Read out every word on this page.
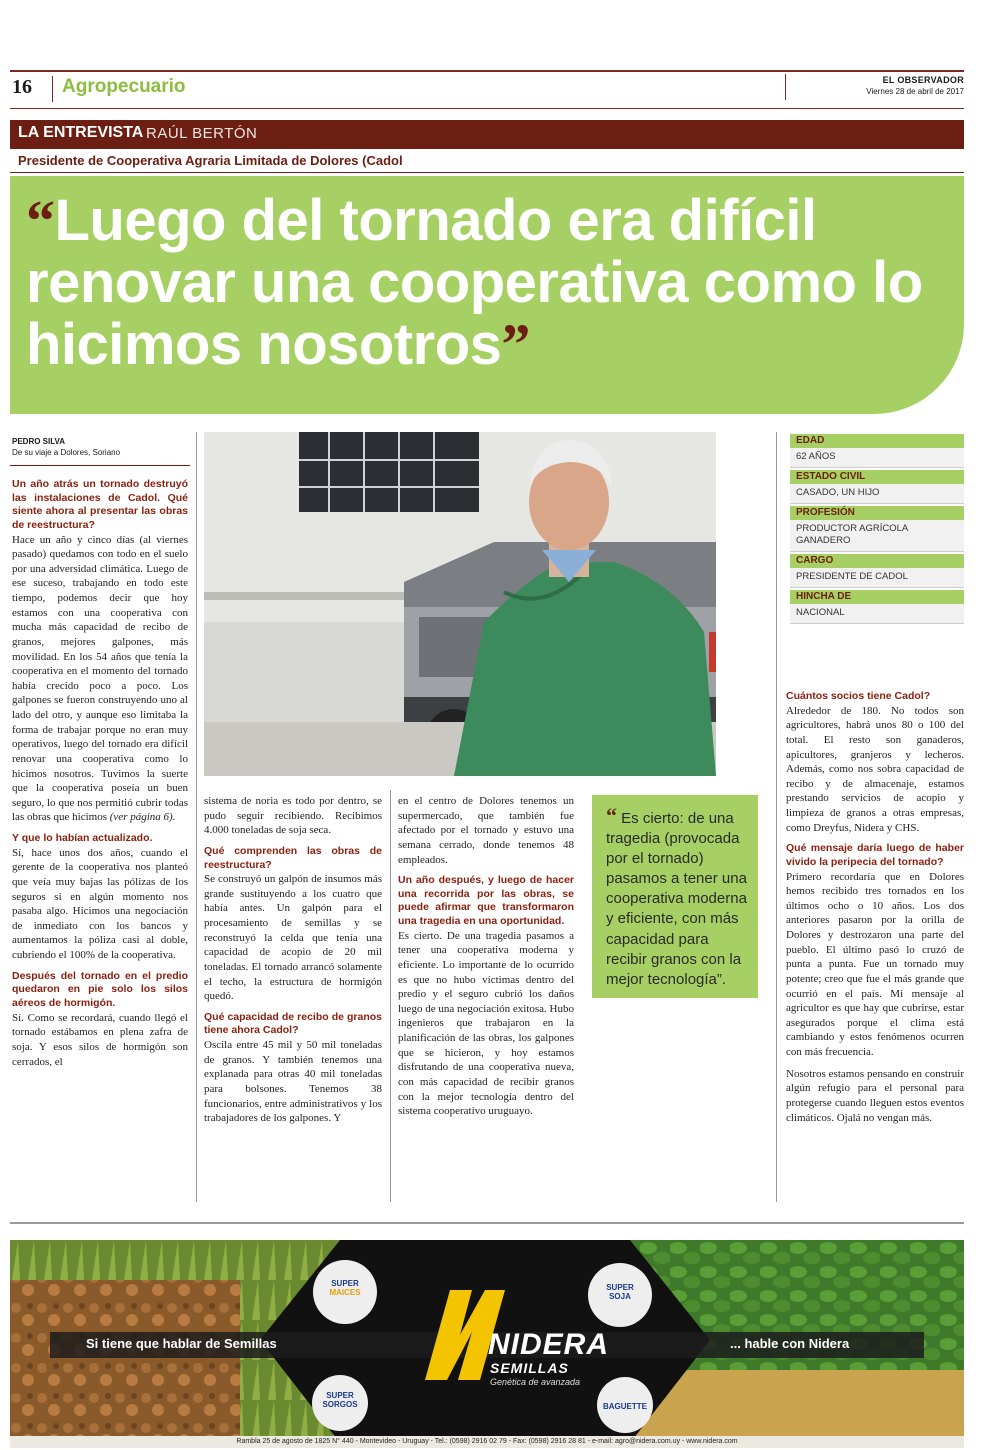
16 Agropecuario	EL OBSERVADOR
Viernes 28 de abril de 2017
LA ENTREVISTA RAÚL BERTÓN
Presidente de Cooperativa Agraria Limitada de Dolores (Cadol
“Luego del tornado era difícil renovar una cooperativa como lo hicimos nosotros”
PEDRO SILVA
De su viaje a Dolores, Soriano
Un año atrás un tornado destruyó las instalaciones de Cadol. Qué siente ahora al presentar las obras de reestructura?

Hace un año y cinco días (al viernes pasado) quedamos con todo en el suelo por una adversidad climática. Luego de ese suceso, trabajando en todo este tiempo, podemos decir que hoy estamos con una cooperativa con mucha más capacidad de recibo de granos, mejores galpones, más movilidad. En los 54 años que tenía la cooperativa en el momento del tornado había crecido poco a poco. Los galpones se fueron construyendo uno al lado del otro, y aunque eso limitaba la forma de trabajar porque no eran muy operativos, luego del tornado era difícil renovar una cooperativa como lo hicimos nosotros. Tuvimos la suerte que la cooperativa poseía un buen seguro, lo que nos permitió cubrir todas las obras que hicimos (ver página 6).

Y que lo habían actualizado.

Sí, hace unos dos años, cuando el gerente de la cooperativa nos planteó que veía muy bajas las pólizas de los seguros si en algún momento nos pasaba algo. Hicimos una negociación de inmediato con los bancos y aumentamos la póliza casi al doble, cubriendo el 100% de la cooperativa.

Después del tornado en el predio quedaron en pie solo los silos aéreos de hormigón.

Sí. Como se recordará, cuando llegó el tornado estábamos en plena zafra de soja. Y esos silos de hormigón son cerrados, el

sistema de noria es todo por dentro, se pudo seguir recibiendo. Recibimos 4.000 toneladas de soja seca.

Qué comprenden las obras de reestructura?

Se construyó un galpón de insumos más grande sustituyendo a los cuatro que había antes. Un galpón para el procesamiento de semillas y se reconstruyó la celda que tenía una capacidad de acopio de 20 mil toneladas. El tornado arrancó solamente el techo, la estructura de hormigón quedó.

Qué capacidad de recibo de granos tiene ahora Cadol?

Oscila entre 45 mil y 50 mil toneladas de granos. Y también tenemos una explanada para otras 40 mil toneladas para bolsones. Tenemos 38 funcionarios, entre administrativos y los trabajadores de los galpones. Y

en el centro de Dolores tenemos un supermercado, que también fue afectado por el tornado y estuvo una semana cerrado, donde tenemos 48 empleados.

Un año después, y luego de hacer una recorrida por las obras, se puede afirmar que transformaron una tragedia en una oportunidad.

Es cierto. De una tragedia pasamos a tener una cooperativa moderna y eficiente. Lo importante de lo ocurrido es que no hubo víctimas dentro del predio y el seguro cubrió los daños luego de una negociación exitosa. Hubo ingenieros que trabajaron en la planificación de las obras, los galpones que se hicieron, y hoy estamos disfrutando de una cooperativa nueva, con más capacidad de recibir granos con la mejor tecnología dentro del sistema cooperativo uruguayo.

“ Es cierto: de una tragedia (provocada por el tornado) pasamos a tener una cooperativa moderna y eficiente, con más capacidad para recibir granos con la mejor tecnología”.
EDAD
62 AÑOS
ESTADO CIVIL
CASADO, UN HIJO
PROFESIÓN
PRODUCTOR AGRÍCOLA GANADERO
CARGO
PRESIDENTE DE CADOL
HINCHA DE
NACIONAL
Cuántos socios tiene Cadol?

Alrededor de 180. No todos son agricultores, habrá unos 80 o 100 del total. El resto son ganaderos, apicultores, granjeros y lecheros. Además, como nos sobra capacidad de recibo y de almacenaje, estamos prestando servicios de acopio y limpieza de granos a otras empresas, como Dreyfus, Nidera y CHS.

Qué mensaje daría luego de haber vivido la peripecia del tornado?

Primero recordaría que en Dolores hemos recibido tres tornados en los últimos ocho o 10 años. Los dos anteriores pasaron por la orilla de Dolores y destrozaron una parte del pueblo. El último pasó lo cruzó de punta a punta. Fue un tornado muy potente; creo que fue el más grande que ocurrió en el país. Mi mensaje al agricultor es que hay que cubrirse, estar asegurados porque el clima está cambiando y estos fenómenos ocurren con más frecuencia.

Nosotros estamos pensando en construir algún refugio para el personal para protegerse cuando lleguen estos eventos climáticos. Ojalá no vengan más.

Si tiene que hablar de Semillas	... hable con Nidera
NIDERA
SEMILLAS
Genética de avanzada
SUPER
MAICES
SUPER
SOJA
SUPER
SORGOS	BAGUETTE
Rambla 25 de agosto de 1825 N° 440 - Montevideo - Uruguay - Tel.: (0598) 2916 02 79 - Fax: (0598) 2916 28 81 - e-mail: agro@nidera.com.uy - www.nidera.com
